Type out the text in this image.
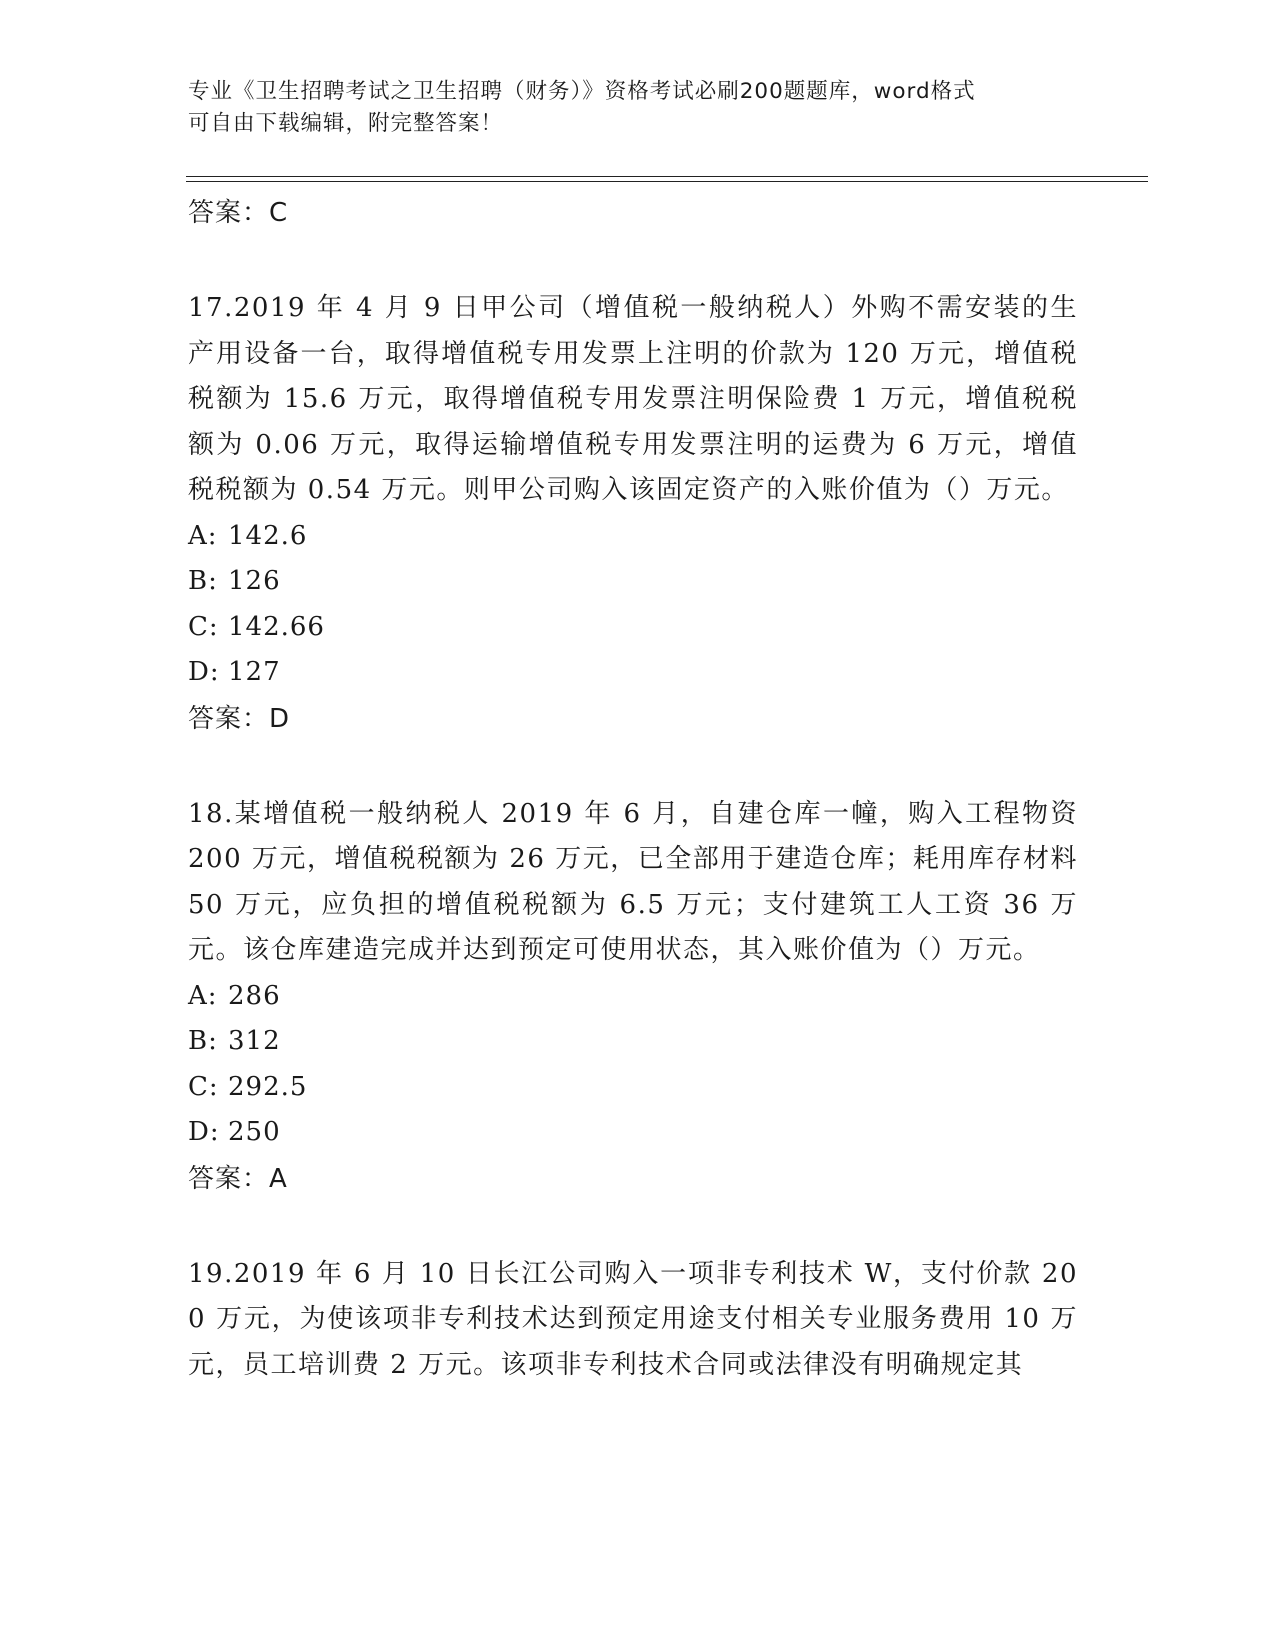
专业《卫生招聘考试之卫生招聘（财务）》资格考试必刷200题题库，word格式
可自由下载编辑，附完整答案！
答案：C
17.2019 年 4 月 9 日甲公司（增值税一般纳税人）外购不需安装的生产用设备一台，取得增值税专用发票上注明的价款为 120 万元，增值税税额为 15.6 万元，取得增值税专用发票注明保险费 1 万元，增值税税额为 0.06 万元，取得运输增值税专用发票注明的运费为 6 万元，增值税税额为 0.54 万元。则甲公司购入该固定资产的入账价值为（）万元。
A: 142.6
B: 126
C: 142.66
D: 127
答案：D
18.某增值税一般纳税人 2019 年 6 月，自建仓库一幢，购入工程物资 200 万元，增值税税额为 26 万元，已全部用于建造仓库；耗用库存材料 50 万元，应负担的增值税税额为 6.5 万元；支付建筑工人工资 36 万元。该仓库建造完成并达到预定可使用状态，其入账价值为（）万元。
A: 286
B: 312
C: 292.5
D: 250
答案：A
19.2019 年 6 月 10 日长江公司购入一项非专利技术 W，支付价款 200 万元，为使该项非专利技术达到预定用途支付相关专业服务费用 10 万元，员工培训费 2 万元。该项非专利技术合同或法律没有明确规定其
